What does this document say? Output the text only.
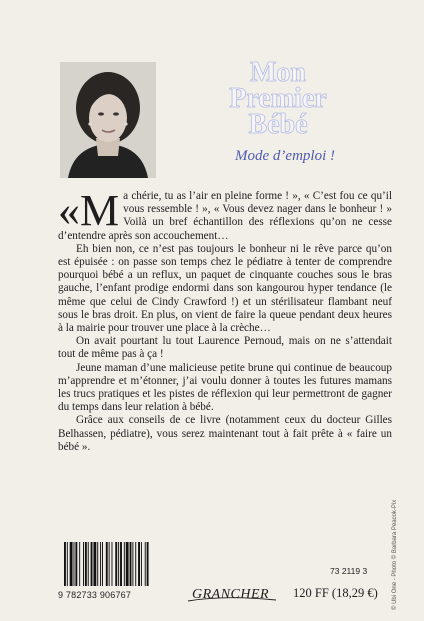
Mon
Premier
Bébé
Mode d’emploi !

«Ma chérie, tu as l’air en pleine forme ! », « C’est fou ce qu’il vous ressemble ! », « Vous devez nager dans le bonheur ! » Voilà un bref échantillon des réflexions qu’on ne cesse d’entendre après son accouchement…

Eh bien non, ce n’est pas toujours le bonheur ni le rêve parce qu’on est épuisée : on passe son temps chez le pédiatre à tenter de comprendre pourquoi bébé a un reflux, un paquet de cinquante couches sous le bras gauche, l’enfant prodige endormi dans son kangourou hyper tendance (le même que celui de Cindy Crawford !) et un stérilisateur flambant neuf sous le bras droit. En plus, on vient de faire la queue pendant deux heures à la mairie pour trouver une place à la crèche…

On avait pourtant lu tout Laurence Pernoud, mais on ne s’attendait tout de même pas à ça !

Jeune maman d’une malicieuse petite brune qui continue de beaucoup m’apprendre et m’étonner, j’ai voulu donner à toutes les futures mamans les trucs pratiques et les pistes de réflexion qui leur permettront de gagner du temps dans leur relation à bébé.

Grâce aux conseils de ce livre (notamment ceux du docteur Gilles Belhassen, pédiatre), vous serez maintenant tout à fait prête à « faire un bébé ».

© Ubi One - Photo © Barbara Peacok-Pix
9 782733 906767	GRANCHER
73 2119 3
120 FF (18,29 €)
